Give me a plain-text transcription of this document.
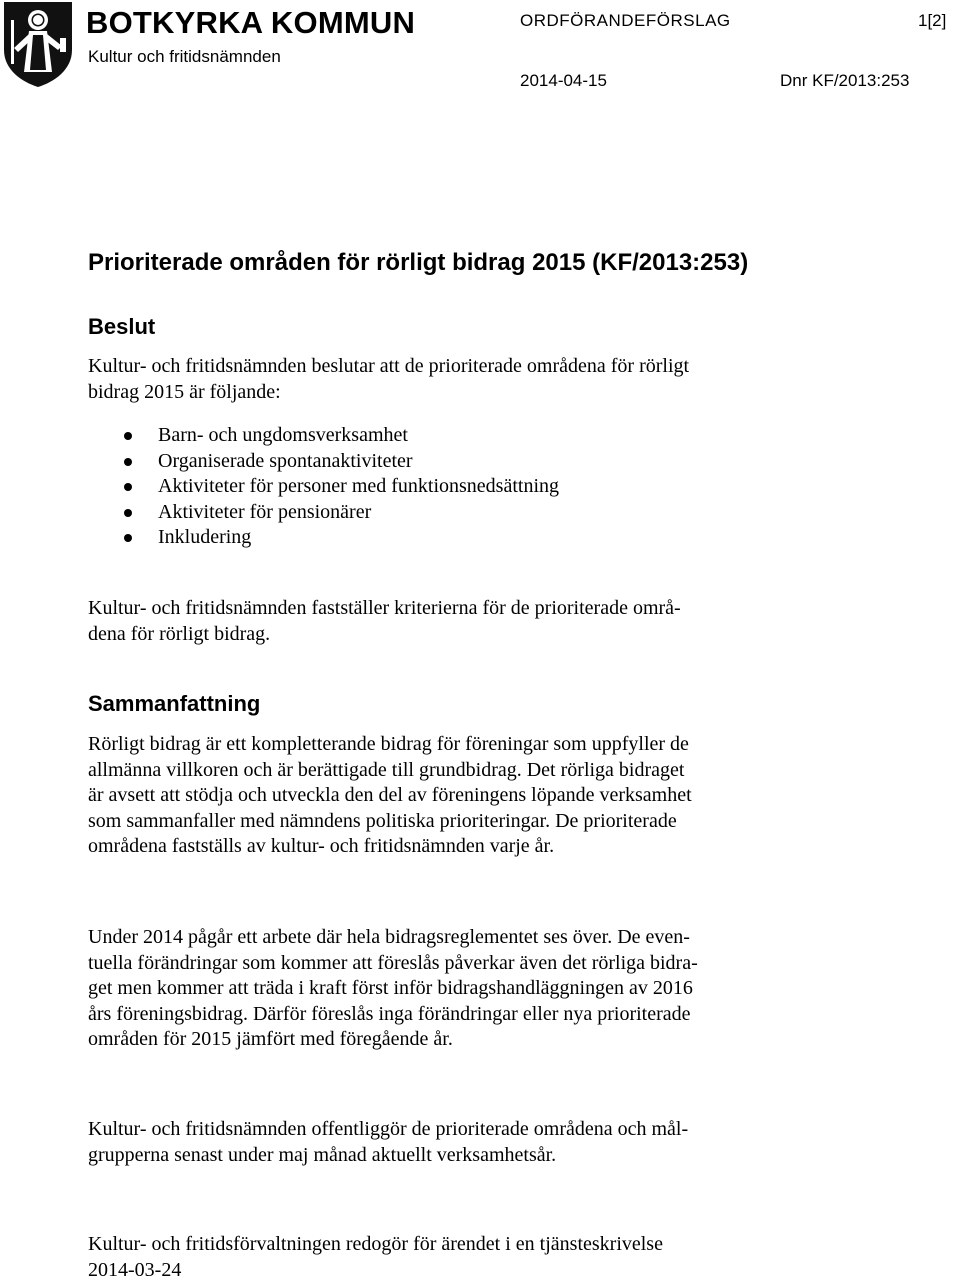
BOTKYRKA KOMMUN
Kultur och fritidsnämnden
ORDFÖRANDEFÖRSLAG	1[2]
2014-04-15	Dnr KF/2013:253
Prioriterade områden för rörligt bidrag 2015 (KF/2013:253)
Beslut
Kultur- och fritidsnämnden beslutar att de prioriterade områdena för rörligt
bidrag 2015 är följande:
Barn- och ungdomsverksamhet
Organiserade spontanaktiviteter
Aktiviteter för personer med funktionsnedsättning
Aktiviteter för pensionärer
Inkludering
Kultur- och fritidsnämnden fastställer kriterierna för de prioriterade områ-
dena för rörligt bidrag.
Sammanfattning
Rörligt bidrag är ett kompletterande bidrag för föreningar som uppfyller de
allmänna villkoren och är berättigade till grundbidrag. Det rörliga bidraget
är avsett att stödja och utveckla den del av föreningens löpande verksamhet
som sammanfaller med nämndens politiska prioriteringar. De prioriterade
områdena fastställs av kultur- och fritidsnämnden varje år.
Under 2014 pågår ett arbete där hela bidragsreglementet ses över. De even-
tuella förändringar som kommer att föreslås påverkar även det rörliga bidra-
get men kommer att träda i kraft först inför bidragshandläggningen av 2016
års föreningsbidrag. Därför föreslås inga förändringar eller nya prioriterade
områden för 2015 jämfört med föregående år.
Kultur- och fritidsnämnden offentliggör de prioriterade områdena och mål-
grupperna senast under maj månad aktuellt verksamhetsår.
Kultur- och fritidsförvaltningen redogör för ärendet i en tjänsteskrivelse
2014-03-24
